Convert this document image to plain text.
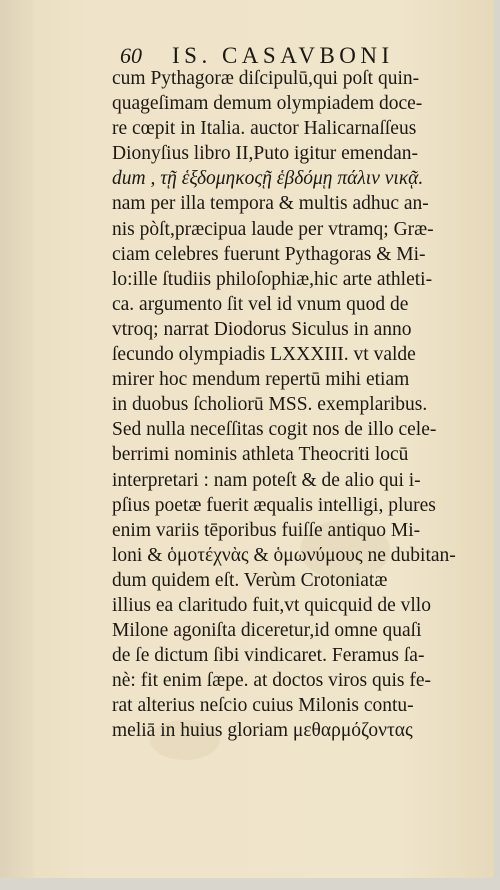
60 IS. CASAVBONI
cum Pythagoræ diſcipulū,qui poſt quin-
quageſimam demum olympiadem doce-
re cœpit in Italia. auctor Halicarnaſſeus
Dionyſius libro II,Puto igitur emendan-
dum , τῇ ἑξδομηκοςῇ ἑβδόμῃ πάλιν νικᾷ.
nam per illa tempora & multis adhuc an-
nis pòſt,præcipua laude per vtramq; Græ-
ciam celebres fuerunt Pythagoras & Mi-
lo:ille ſtudiis philoſophiæ,hic arte athleti-
ca. argumento ſit vel id vnum quod de
vtroq; narrat Diodorus Siculus in anno
ſecundo olympiadis LXXXIII. vt valde
mirer hoc mendum repertū mihi etiam
in duobus ſcholiorū MSS. exemplaribus.
Sed nulla neceſſitas cogit nos de illo cele-
berrimi nominis athleta Theocriti locū
interpretari : nam poteſt & de alio qui i-
pſius poetæ fuerit æqualis intelligi, plures
enim variis tēporibus fuiſſe antiquo Mi-
loni & ὁμοτέχνὰς & ὁμωνύμους ne dubitan-
dum quidem eſt. Verùm Crotoniatæ
illius ea claritudo fuit,vt quicquid de vllo
Milone agoniſta diceretur,id omne quaſi
de ſe dictum ſibi vindicaret. Feramus ſa-
nè: fit enim ſæpe. at doctos viros quis fe-
rat alterius neſcio cuius Milonis contu-
meliā in huius gloriam μεθαρμόζοντας
